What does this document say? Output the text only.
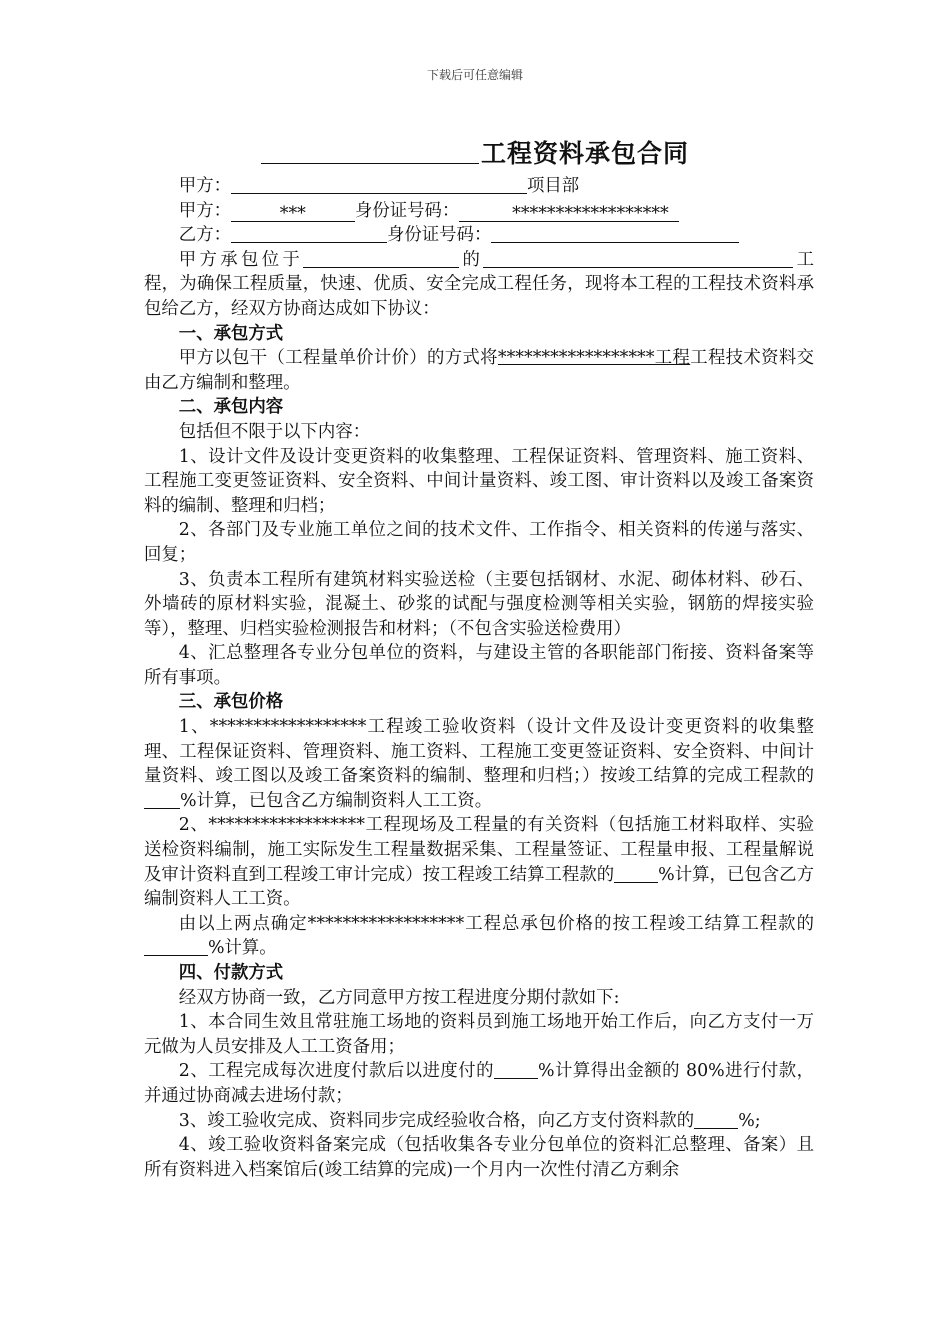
下载后可任意编辑
工程资料承包合同

甲方：	项目部

甲方：	***	身份证号码：	******************

乙方：	身份证号码：

甲方承包位于	的	工程，为确保工程质量，快速、优质、安全完成工程任务，现将本工程的工程技术资料承包给乙方，经双方协商达成如下协议：

一、承包方式

甲方以包干（工程量单价计价）的方式将******************工程工程技术资料交由乙方编制和整理。

二、承包内容

包括但不限于以下内容：

1、设计文件及设计变更资料的收集整理、工程保证资料、管理资料、施工资料、工程施工变更签证资料、安全资料、中间计量资料、竣工图、审计资料以及竣工备案资料的编制、整理和归档；

2、各部门及专业施工单位之间的技术文件、工作指令、相关资料的传递与落实、回复；

3、负责本工程所有建筑材料实验送检（主要包括钢材、水泥、砌体材料、砂石、外墙砖的原材料实验，混凝土、砂浆的试配与强度检测等相关实验，钢筋的焊接实验等），整理、归档实验检测报告和材料；（不包含实验送检费用）

4、汇总整理各专业分包单位的资料，与建设主管的各职能部门衔接、资料备案等所有事项。

三、承包价格

1、******************工程竣工验收资料（设计文件及设计变更资料的收集整理、工程保证资料、管理资料、施工资料、工程施工变更签证资料、安全资料、中间计量资料、竣工图以及竣工备案资料的编制、整理和归档；）按竣工结算的完成工程款的%计算，已包含乙方编制资料人工工资。

2、******************工程现场及工程量的有关资料（包括施工材料取样、实验送检资料编制，施工实际发生工程量数据采集、工程量签证、工程量申报、工程量解说及审计资料直到工程竣工审计完成）按工程竣工结算工程款的	%计算，已包含乙方编制资料人工工资。

由以上两点确定******************工程总承包价格的按工程竣工结算工程款的%计算。

四、付款方式

经双方协商一致，乙方同意甲方按工程进度分期付款如下:

1、本合同生效且常驻施工场地的资料员到施工场地开始工作后，向乙方支付一万元做为人员安排及人工工资备用；

2、工程完成每次进度付款后以进度付的	%计算得出金额的 80%进行付款，并通过协商减去进场付款；

3、竣工验收完成、资料同步完成经验收合格，向乙方支付资料款的	%;

4、竣工验收资料备案完成（包括收集各专业分包单位的资料汇总整理、备案）且所有资料进入档案馆后(竣工结算的完成)一个月内一次性付清乙方剩余
